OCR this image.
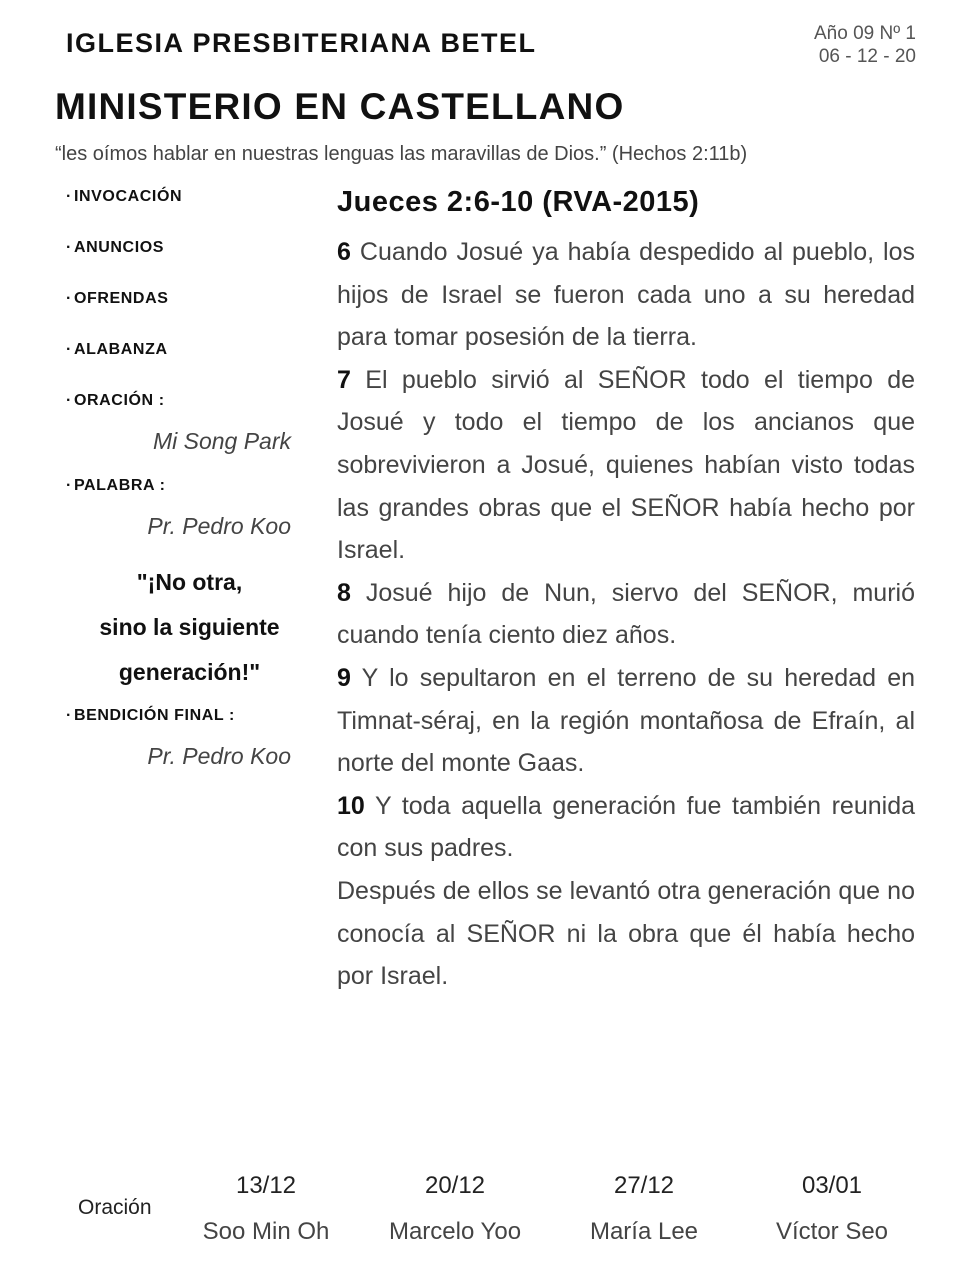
IGLESIA PRESBITERIANA BETEL	Año 09 Nº 1
06 - 12 - 20
MINISTERIO EN CASTELLANO
“les oímos hablar en nuestras lenguas las maravillas de Dios.” (Hechos 2:11b)
· INVOCACIÓN
· ANUNCIOS
· OFRENDAS
· ALABANZA
· ORACIÓN :
Mi Song Park
· PALABRA :
Pr. Pedro Koo
"¡No otra,
sino la siguiente
generación!"
· BENDICIÓN FINAL :
Pr. Pedro Koo
Jueces 2:6-10 (RVA-2015)

6 Cuando Josué ya había despedido al pueblo, los hijos de Israel se fueron cada uno a su heredad para tomar posesión de la tierra.

7 El pueblo sirvió al SEÑOR todo el tiempo de Josué y todo el tiempo de los ancianos que sobrevivieron a Josué, quienes habían visto todas las grandes obras que el SEÑOR había hecho por Israel.

8 Josué hijo de Nun, siervo del SEÑOR, murió cuando tenía ciento diez años.

9 Y lo sepultaron en el terreno de su heredad en Timnat-séraj, en la región montañosa de Efraín, al norte del monte Gaas.

10 Y toda aquella generación fue también reunida con sus padres.

Después de ellos se levantó otra generación que no conocía al SEÑOR ni la obra que él había hecho por Israel.

Oración
13/12
Soo Min Oh
20/12
Marcelo Yoo
27/12
María Lee
03/01
Víctor Seo
